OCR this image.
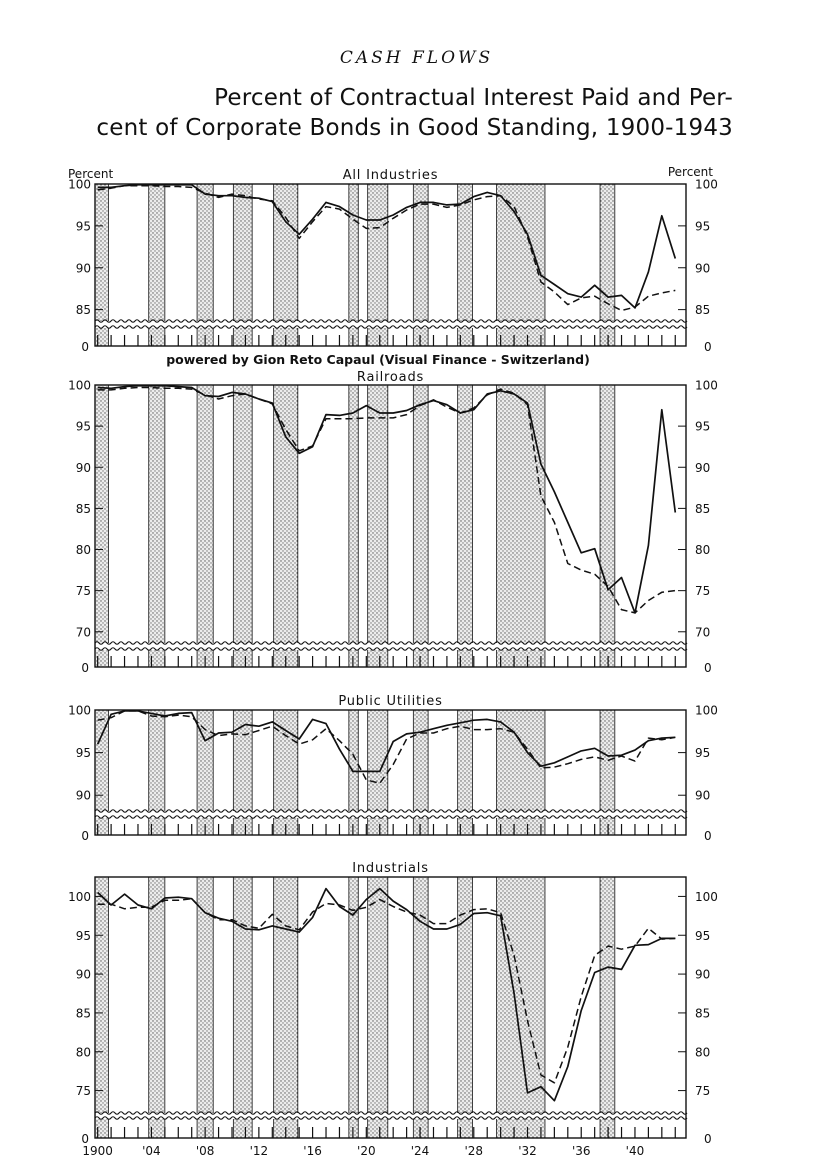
CASH FLOWS
Percent of Contractual Interest Paid and Per-
cent of Corporate Bonds in Good Standing, 1900-1943
All Industries
85
90
95
100
85
90
95
100
0	0
Percent	Percent
Railroads
70
75
80
85
90
95
100
70
75
80
85
90
95
100
0	0
Public Utilities
90
95
100
90
95
100
0	0
Industrials
75
80
85
90
95
100
75
80
85
90
95
100
0	0
1900 '04	'08	'12	'16	'20	'24	'28	'32	'36	'40
powered by Gion Reto Capaul (Visual Finance - Switzerland)
